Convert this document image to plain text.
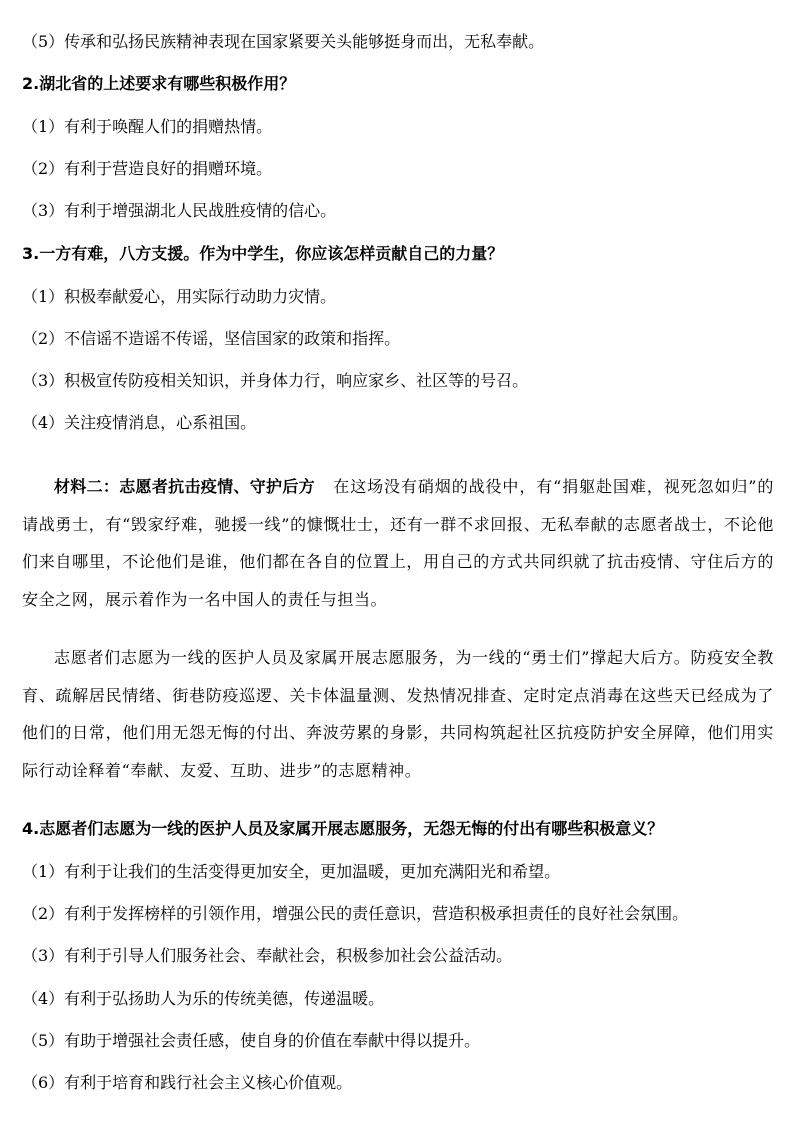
（5）传承和弘扬民族精神表现在国家紧要关头能够挺身而出，无私奉献。
2.湖北省的上述要求有哪些积极作用？
（1）有利于唤醒人们的捐赠热情。
（2）有利于营造良好的捐赠环境。
（3）有利于增强湖北人民战胜疫情的信心。
3.一方有难，八方支援。作为中学生，你应该怎样贡献自己的力量？
（1）积极奉献爱心，用实际行动助力灾情。
（2）不信谣不造谣不传谣，坚信国家的政策和指挥。
（3）积极宣传防疫相关知识，并身体力行，响应家乡、社区等的号召。
（4）关注疫情消息，心系祖国。
材料二：志愿者抗击疫情、守护后方 在这场没有硝烟的战役中，有“捐躯赴国难，视死忽如归”的请战勇士，有“毁家纾难，驰援一线”的慷慨壮士，还有一群不求回报、无私奉献的志愿者战士，不论他们来自哪里，不论他们是谁，他们都在各自的位置上，用自己的方式共同织就了抗击疫情、守住后方的安全之网，展示着作为一名中国人的责任与担当。
志愿者们志愿为一线的医护人员及家属开展志愿服务，为一线的“勇士们”撑起大后方。防疫安全教育、疏解居民情绪、街巷防疫巡逻、关卡体温量测、发热情况排查、定时定点消毒在这些天已经成为了他们的日常，他们用无怨无悔的付出、奔波劳累的身影，共同构筑起社区抗疫防护安全屏障，他们用实际行动诠释着“奉献、友爱、互助、进步”的志愿精神。
4.志愿者们志愿为一线的医护人员及家属开展志愿服务，无怨无悔的付出有哪些积极意义？
（1）有利于让我们的生活变得更加安全，更加温暖，更加充满阳光和希望。
（2）有利于发挥榜样的引领作用，增强公民的责任意识，营造积极承担责任的良好社会氛围。
（3）有利于引导人们服务社会、奉献社会，积极参加社会公益活动。
（4）有利于弘扬助人为乐的传统美德，传递温暖。
（5）有助于增强社会责任感，使自身的价值在奉献中得以提升。
（6）有利于培育和践行社会主义核心价值观。
